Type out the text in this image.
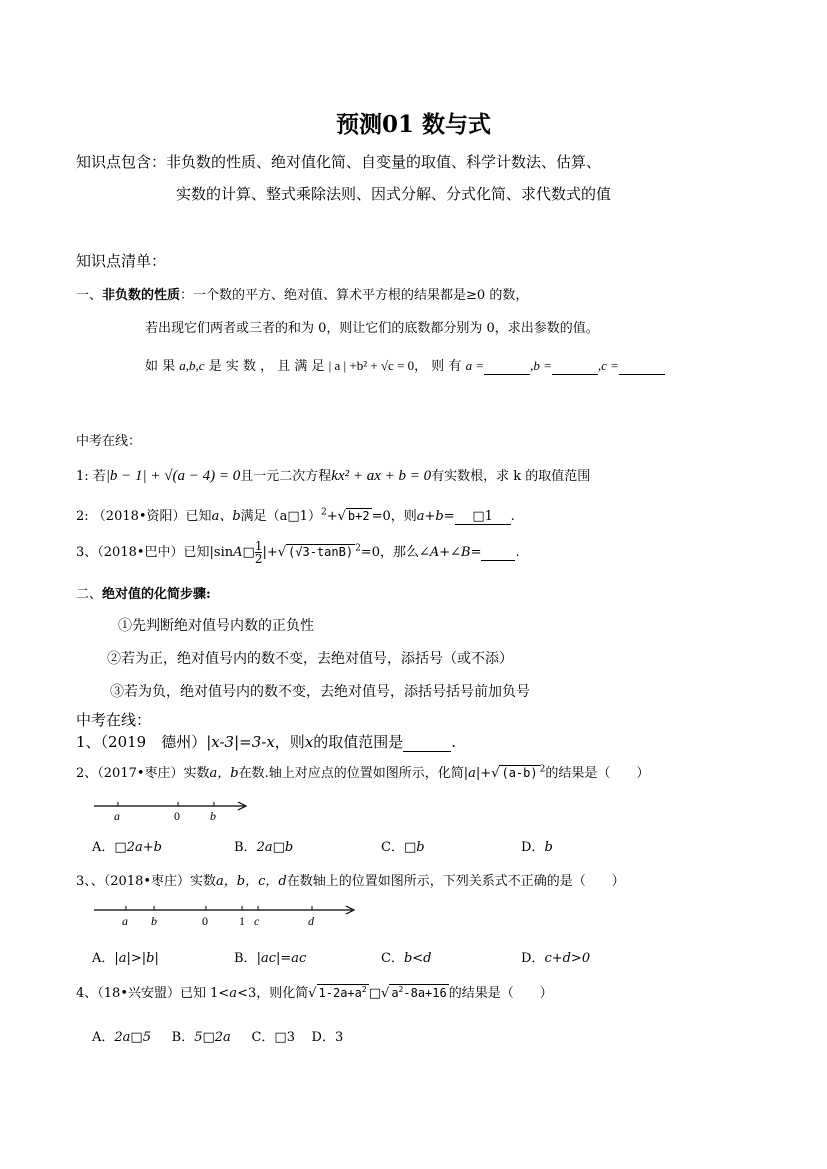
预测01 数与式
知识点包含：非负数的性质、绝对值化简、自变量的取值、科学计数法、估算、
实数的计算、整式乘除法则、因式分解、分式化简、求代数式的值
知识点清单：
一、非负数的性质：一个数的平方、绝对值、算术平方根的结果都是≥0 的数，
若出现它们两者或三者的和为 0，则让它们的底数都分别为 0，求出参数的值。
如 果 a,b,c 是 实 数 ， 且 满 足 | a | +b² + √c = 0， 则 有 a =	,b =	,c =
中考在线：
1: 若|b − 1| + √(a − 4) = 0且一元二次方程kx² + ax + b = 0有实数根，求 k 的取值范围
2: （2018•资阳）已知a、b满足（a□1）$^2$+√ b+2 =0，则a+b= □1 .
3、（2018•巴中）已知|sinA□ $\frac{1}{2}$ |+√ (√3-tanB) $^2$=0，那么∠A+∠B=	.
二、绝对值的化简步骤:
①先判断绝对值号内数的正负性
②若为正，绝对值号内的数不变，去绝对值号，添括号（或不添）
③若为负，绝对值号内的数不变，去绝对值号，添括号括号前加负号
中考在线：
1、（2019　德州）|x-3|=3-x，则x的取值范围是	.
2、（2017•枣庄）实数a，b在数.轴上对应点的位置如图所示，化简|a|+√ (a-b) $^2$的结果是（　　）
a	0	b
A．□2a+b	B．2a□b	C．□b	D．b
3、、（2018•枣庄）实数a，b，c，d在数轴上的位置如图所示，下列关系式不正确的是（　　）
a b	0	1 c	d
A．|a|>|b|	B．|ac|=ac	C．b<d	D．c+d>0
4、（18•兴安盟）已知 1<a<3，则化简√ $1-2a+a^2$ □√ $a^2-8a+16$ 的结果是（　　）
A．2a□5 B．5□2a C．□3 D．3
